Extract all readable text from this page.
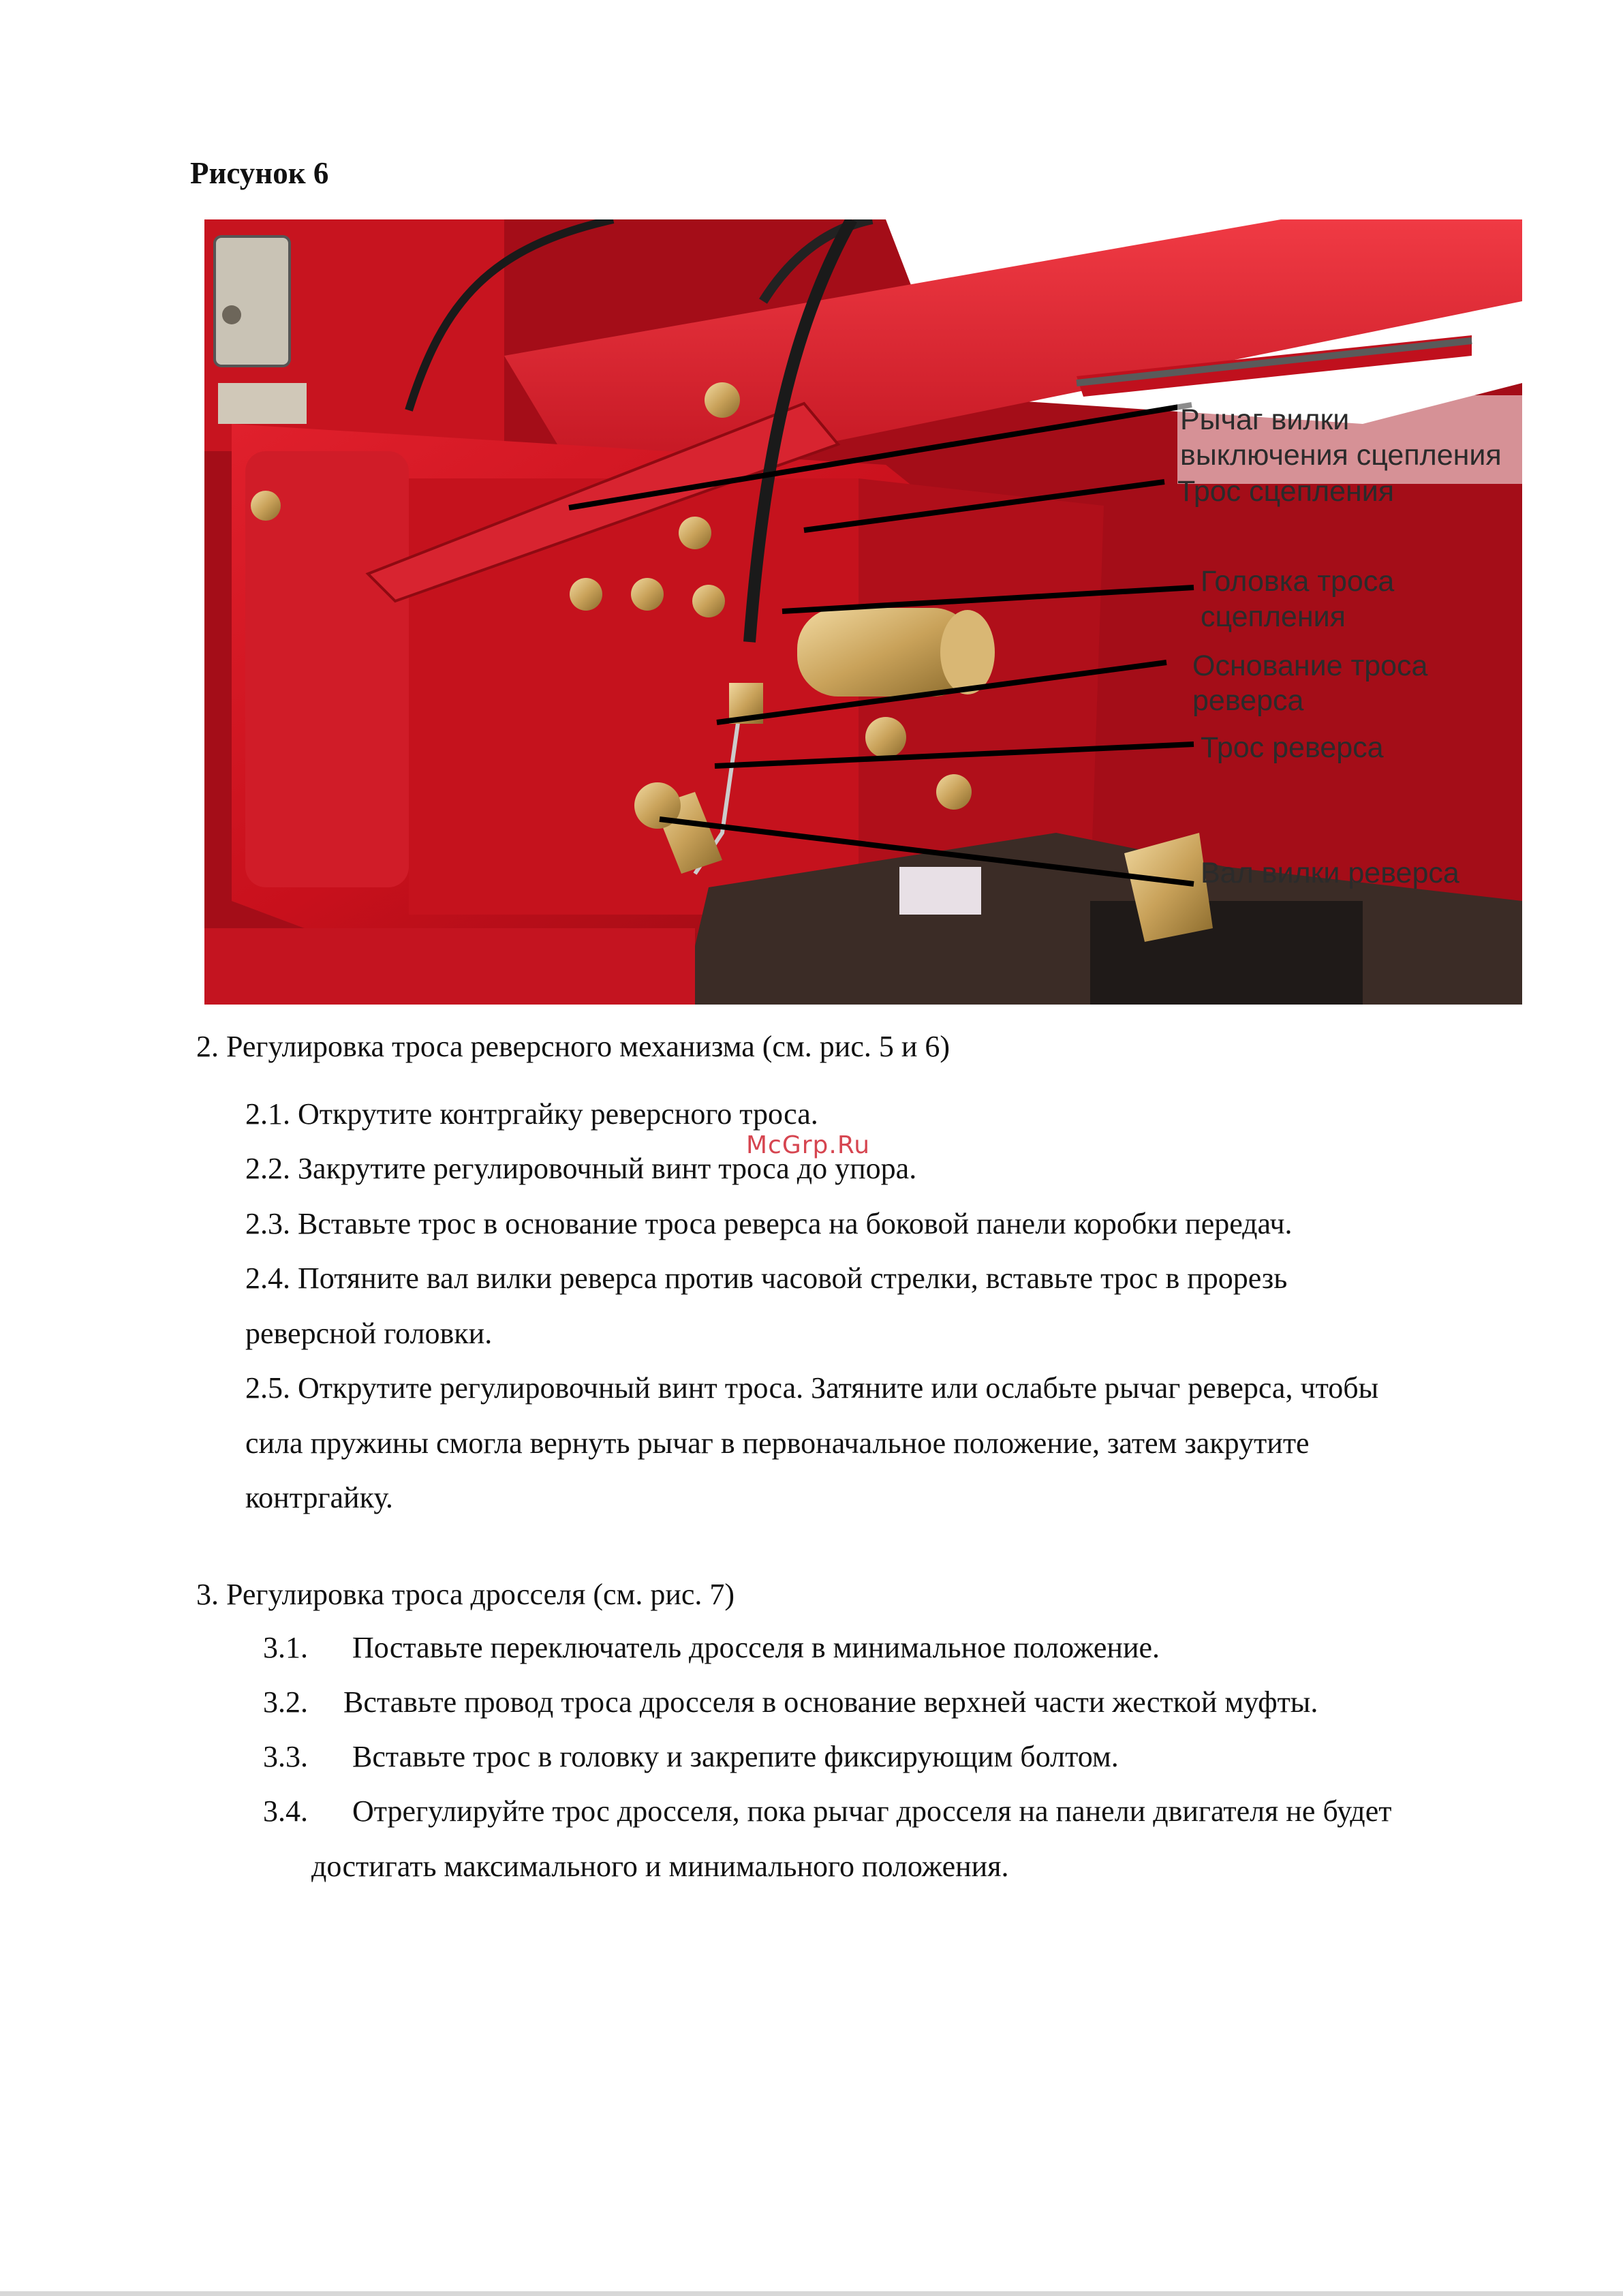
Рисунок 6
Рычаг вилки
выключения сцепления
Трос сцепления
Головка троса
сцепления
Основание троса
реверса
Трос реверса
Вал вилки реверса
2. Регулировка троса реверсного механизма (см. рис. 5 и 6)
2.1. Открутите контргайку реверсного троса.
2.2. Закрутите регулировочный винт троса до упора.
2.3. Вставьте трос в основание троса реверса на боковой панели коробки передач.
2.4. Потяните вал вилки реверса против часовой стрелки, вставьте трос в прорезь
реверсной головки.
2.5. Открутите регулировочный винт троса. Затяните или ослабьте рычаг реверса, чтобы
сила пружины смогла вернуть рычаг в первоначальное положение, затем закрутите
контргайку.
McGrp.Ru
3. Регулировка троса дросселя (см. рис. 7)
3.1. Поставьте переключатель дросселя в минимальное положение.
3.2. Вставьте провод троса дросселя в основание верхней части жесткой муфты.
3.3. Вставьте трос в головку и закрепите фиксирующим болтом.
3.4. Отрегулируйте трос дросселя, пока рычаг дросселя на панели двигателя не будет
достигать максимального и минимального положения.
